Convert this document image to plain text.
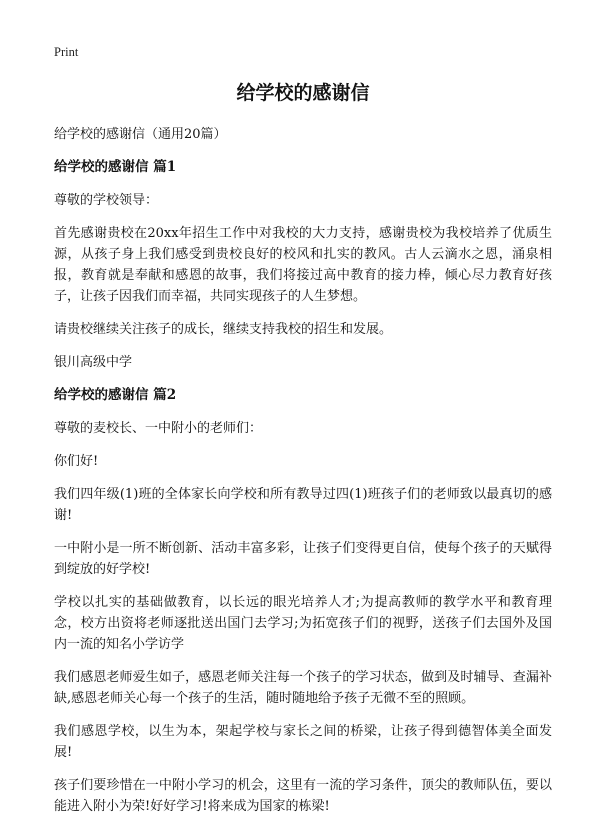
Print
给学校的感谢信

给学校的感谢信（通用20篇）

给学校的感谢信 篇1

尊敬的学校领导：

首先感谢贵校在20xx年招生工作中对我校的大力支持，感谢贵校为我校培养了优质生源，从孩子身上我们感受到贵校良好的校风和扎实的教风。古人云滴水之恩，涌泉相报，教育就是奉献和感恩的故事，我们将接过高中教育的接力棒，倾心尽力教育好孩子，让孩子因我们而幸福，共同实现孩子的人生梦想。

请贵校继续关注孩子的成长，继续支持我校的招生和发展。

银川高级中学

给学校的感谢信 篇2

尊敬的麦校长、一中附小的老师们：

你们好!

我们四年级(1)班的全体家长向学校和所有教导过四(1)班孩子们的老师致以最真切的感谢!

一中附小是一所不断创新、活动丰富多彩，让孩子们变得更自信，使每个孩子的天赋得到绽放的好学校!

学校以扎实的基础做教育，以长远的眼光培养人才;为提高教师的教学水平和教育理念，校方出资将老师逐批送出国门去学习;为拓宽孩子们的视野，送孩子们去国外及国内一流的知名小学访学

我们感恩老师爱生如子，感恩老师关注每一个孩子的学习状态，做到及时辅导、查漏补缺,感恩老师关心每一个孩子的生活，随时随地给予孩子无微不至的照顾。

我们感恩学校，以生为本，架起学校与家长之间的桥梁，让孩子得到德智体美全面发展!

孩子们要珍惜在一中附小学习的机会，这里有一流的学习条件，顶尖的教师队伍，要以能进入附小为荣!好好学习!将来成为国家的栋梁!
